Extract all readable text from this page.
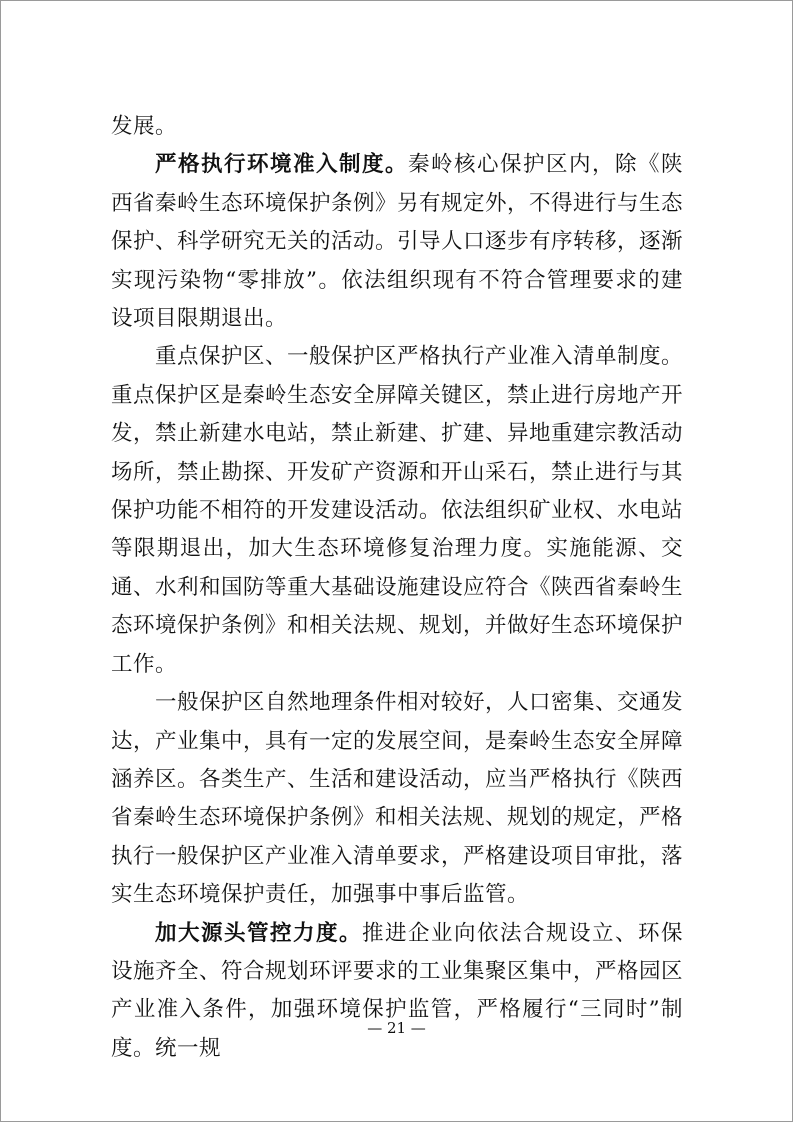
发展。

严格执行环境准入制度。秦岭核心保护区内，除《陕西省秦岭生态环境保护条例》另有规定外，不得进行与生态保护、科学研究无关的活动。引导人口逐步有序转移，逐渐实现污染物“零排放”。依法组织现有不符合管理要求的建设项目限期退出。

重点保护区、一般保护区严格执行产业准入清单制度。重点保护区是秦岭生态安全屏障关键区，禁止进行房地产开发，禁止新建水电站，禁止新建、扩建、异地重建宗教活动场所，禁止勘探、开发矿产资源和开山采石，禁止进行与其保护功能不相符的开发建设活动。依法组织矿业权、水电站等限期退出，加大生态环境修复治理力度。实施能源、交通、水利和国防等重大基础设施建设应符合《陕西省秦岭生态环境保护条例》和相关法规、规划，并做好生态环境保护工作。

一般保护区自然地理条件相对较好，人口密集、交通发达，产业集中，具有一定的发展空间，是秦岭生态安全屏障涵养区。各类生产、生活和建设活动，应当严格执行《陕西省秦岭生态环境保护条例》和相关法规、规划的规定，严格执行一般保护区产业准入清单要求，严格建设项目审批，落实生态环境保护责任，加强事中事后监管。

加大源头管控力度。推进企业向依法合规设立、环保设施齐全、符合规划环评要求的工业集聚区集中，严格园区产业准入条件，加强环境保护监管，严格履行“三同时”制度。统一规

— 21 —
